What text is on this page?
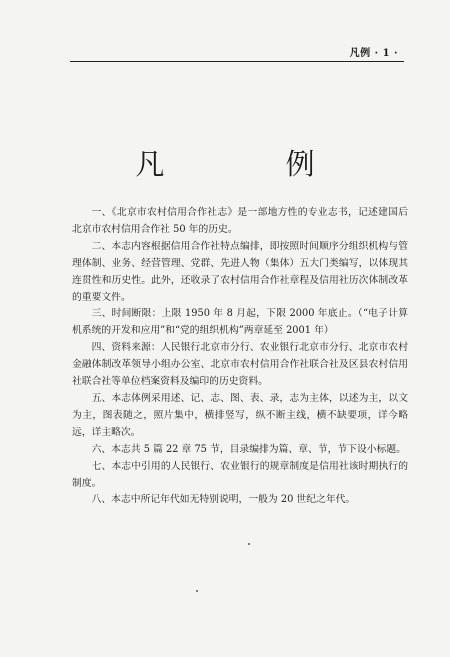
凡例 · 1 ·
凡 例

一、《北京市农村信用合作社志》是一部地方性的专业志书，记述建国后北京市农村信用合作社 50 年的历史。

二、本志内容根据信用合作社特点编排，即按照时间顺序分组织机构与管理体制、业务、经营管理、党群、先进人物（集体）五大门类编写，以体现其连贯性和历史性。此外，还收录了农村信用合作社章程及信用社历次体制改革的重要文件。

三、时间断限：上限 1950 年 8 月起，下限 2000 年底止。（“电子计算机系统的开发和应用”和“党的组织机构”两章延至 2001 年）

四、资料来源：人民银行北京市分行、农业银行北京市分行、北京市农村金融体制改革领导小组办公室、北京市农村信用合作社联合社及区县农村信用社联合社等单位档案资料及编印的历史资料。

五、本志体例采用述、记、志、图、表、录，志为主体，以述为主，以文为主，图表随之，照片集中，横排竖写，纵不断主线，横不缺要项，详今略远，详主略次。

六、本志共 5 篇 22 章 75 节，目录编排为篇、章、节，节下设小标题。

七、本志中引用的人民银行、农业银行的规章制度是信用社该时期执行的制度。

八、本志中所记年代如无特别说明，一般为 20 世纪之年代。
